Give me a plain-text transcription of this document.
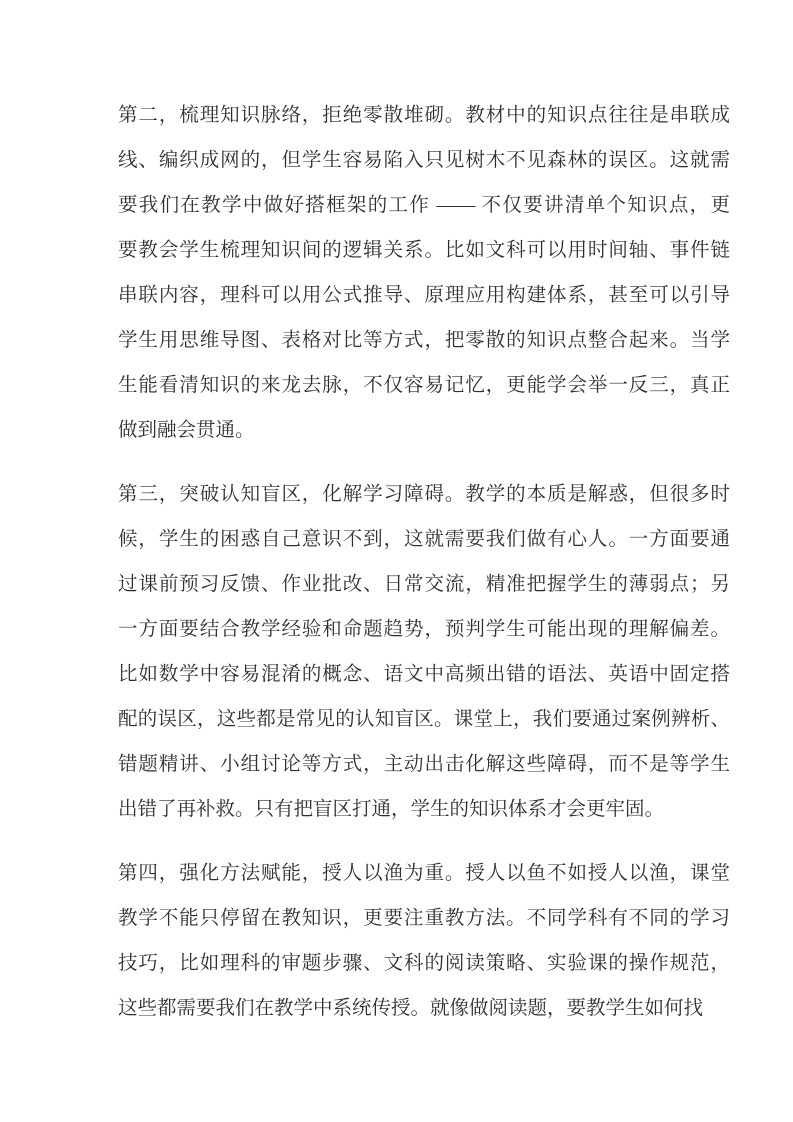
第二，梳理知识脉络，拒绝零散堆砌。教材中的知识点往往是串联成
线、编织成网的，但学生容易陷入只见树木不见森林的误区。这就需
要我们在教学中做好搭框架的工作 —— 不仅要讲清单个知识点，更
要教会学生梳理知识间的逻辑关系。比如文科可以用时间轴、事件链
串联内容，理科可以用公式推导、原理应用构建体系，甚至可以引导
学生用思维导图、表格对比等方式，把零散的知识点整合起来。当学
生能看清知识的来龙去脉，不仅容易记忆，更能学会举一反三，真正
做到融会贯通。
第三，突破认知盲区，化解学习障碍。教学的本质是解惑，但很多时
候，学生的困惑自己意识不到，这就需要我们做有心人。一方面要通
过课前预习反馈、作业批改、日常交流，精准把握学生的薄弱点；另
一方面要结合教学经验和命题趋势，预判学生可能出现的理解偏差。
比如数学中容易混淆的概念、语文中高频出错的语法、英语中固定搭
配的误区，这些都是常见的认知盲区。课堂上，我们要通过案例辨析、
错题精讲、小组讨论等方式，主动出击化解这些障碍，而不是等学生
出错了再补救。只有把盲区打通，学生的知识体系才会更牢固。
第四，强化方法赋能，授人以渔为重。授人以鱼不如授人以渔，课堂
教学不能只停留在教知识，更要注重教方法。不同学科有不同的学习
技巧，比如理科的审题步骤、文科的阅读策略、实验课的操作规范，
这些都需要我们在教学中系统传授。就像做阅读题，要教学生如何找
